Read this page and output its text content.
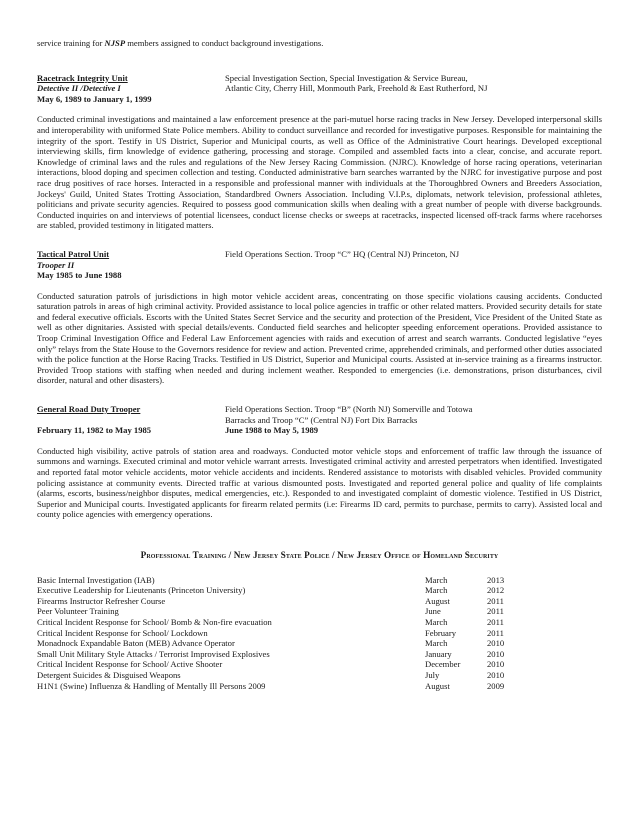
service training for NJSP members assigned to conduct background investigations.

Racetrack Integrity Unit
Detective II /Detective I
May 6, 1989 to January 1, 1999
Special Investigation Section, Special Investigation & Service Bureau,
Atlantic City, Cherry Hill, Monmouth Park, Freehold & East Rutherford, NJ

Conducted criminal investigations and maintained a law enforcement presence at the pari-mutuel horse racing tracks in New Jersey. Developed interpersonal skills and interoperability with uniformed State Police members. Ability to conduct surveillance and recorded for investigative purposes. Responsible for maintaining the integrity of the sport. Testify in US District, Superior and Municipal courts, as well as Office of the Administrative Court hearings. Developed exceptional interviewing skills, firm knowledge of evidence gathering, processing and storage. Compiled and assembled facts into a clear, concise, and accurate report. Knowledge of criminal laws and the rules and regulations of the New Jersey Racing Commission. (NJRC). Knowledge of horse racing operations, veterinarian interactions, blood doping and specimen collection and testing. Conducted administrative barn searches warranted by the NJRC for investigative purpose and post race drug positives of race horses. Interacted in a responsible and professional manner with individuals at the Thoroughbred Owners and Breeders Association, Jockeys' Guild, United States Trotting Association, Standardbred Owners Association. Including V.I.P.s, diplomats, network television, professional athletes, politicians and private security agencies. Required to possess good communication skills when dealing with a great number of people with diverse backgrounds. Conducted inquiries on and interviews of potential licensees, conduct license checks or sweeps at racetracks, inspected licensed off-track farms where racehorses are stabled, provided testimony in litigated matters.

Tactical Patrol Unit
Trooper II
May 1985 to June 1988
Field Operations Section. Troop “C” HQ (Central NJ) Princeton, NJ

Conducted saturation patrols of jurisdictions in high motor vehicle accident areas, concentrating on those specific violations causing accidents. Conducted saturation patrols in areas of high criminal activity. Provided assistance to local police agencies in traffic or other related matters. Provided security details for state and federal executive officials. Escorts with the United States Secret Service and the security and protection of the President, Vice President of the United State as well as other dignitaries. Assisted with special details/events. Conducted field searches and helicopter speeding enforcement operations. Provided assistance to Troop Criminal Investigation Office and Federal Law Enforcement agencies with raids and execution of arrest and search warrants. Conducted legislative “eyes only” relays from the State House to the Governors residence for review and action. Prevented crime, apprehended criminals, and performed other duties associated with the police function at the Horse Racing Tracks. Testified in US District, Superior and Municipal courts. Assisted at in-service training as a firearms instructor. Provided Troop stations with staffing when needed and during inclement weather. Responded to emergencies (i.e. demonstrations, prison disturbances, civil disorder, natural and other disasters).

General Road Duty Trooper
February 11, 1982 to May 1985
Field Operations Section. Troop “B” (North NJ) Somerville and Totowa
Barracks and Troop “C” (Central NJ) Fort Dix Barracks
June 1988 to May 5, 1989

Conducted high visibility, active patrols of station area and roadways. Conducted motor vehicle stops and enforcement of traffic law through the issuance of summons and warnings. Executed criminal and motor vehicle warrant arrests. Investigated criminal activity and arrested perpetrators when identified. Investigated and reported fatal motor vehicle accidents, motor vehicle accidents and incidents. Rendered assistance to motorists with disabled vehicles. Provided community policing assistance at community events. Directed traffic at various dismounted posts. Investigated and reported general police and quality of life complaints (alarms, escorts, business/neighbor disputes, medical emergencies, etc.). Responded to and investigated complaint of domestic violence. Testified in US District, Superior and Municipal courts. Investigated applicants for firearm related permits (i.e: Firearms ID card, permits to purchase, permits to carry). Assisted local and county police agencies with emergency operations.

Professional Training / New Jersey State Police / New Jersey Office of Homeland Security
Basic Internal Investigation (IAB)	March	2013
Executive Leadership for Lieutenants (Princeton University)	March	2012
Firearms Instructor Refresher Course	August	2011
Peer Volunteer Training	June	2011
Critical Incident Response for School/ Bomb & Non-fire evacuation	March	2011
Critical Incident Response for School/ Lockdown	February	2011
Monadnock Expandable Baton (MEB) Advance Operator	March	2010
Small Unit Military Style Attacks / Terrorist Improvised Explosives	January	2010
Critical Incident Response for School/ Active Shooter	December	2010
Detergent Suicides & Disguised Weapons	July	2010
H1N1 (Swine) Influenza & Handling of Mentally Ill Persons 2009	August	2009
